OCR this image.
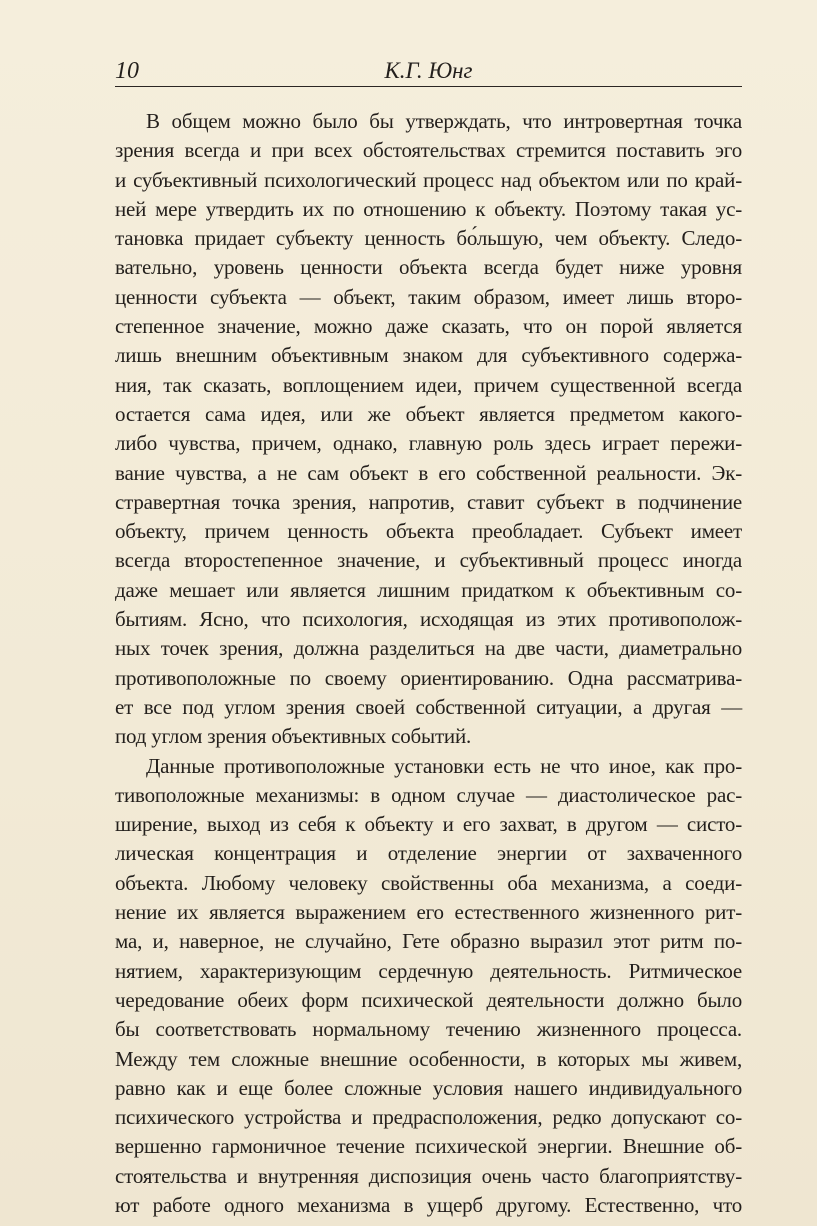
10	К.Г. Юнг
В общем можно было бы утверждать, что интровертная точка
зрения всегда и при всех обстоятельствах стремится поставить эго
и субъективный психологический процесс над объектом или по край-
ней мере утвердить их по отношению к объекту. Поэтому такая ус-
тановка придает субъекту ценность бо́льшую, чем объекту. Следо-
вательно, уровень ценности объекта всегда будет ниже уровня
ценности субъекта — объект, таким образом, имеет лишь второ-
степенное значение, можно даже сказать, что он порой является
лишь внешним объективным знаком для субъективного содержа-
ния, так сказать, воплощением идеи, причем существенной всегда
остается сама идея, или же объект является предметом какого-
либо чувства, причем, однако, главную роль здесь играет пережи-
вание чувства, а не сам объект в его собственной реальности. Эк-
стравертная точка зрения, напротив, ставит субъект в подчинение
объекту, причем ценность объекта преобладает. Субъект имеет
всегда второстепенное значение, и субъективный процесс иногда
даже мешает или является лишним придатком к объективным со-
бытиям. Ясно, что психология, исходящая из этих противополож-
ных точек зрения, должна разделиться на две части, диаметрально
противоположные по своему ориентированию. Одна рассматрива-
ет все под углом зрения своей собственной ситуации, а другая —
под углом зрения объективных событий.
Данные противоположные установки есть не что иное, как про-
тивоположные механизмы: в одном случае — диастолическое рас-
ширение, выход из себя к объекту и его захват, в другом — систо-
лическая концентрация и отделение энергии от захваченного
объекта. Любому человеку свойственны оба механизма, а соеди-
нение их является выражением его естественного жизненного рит-
ма, и, наверное, не случайно, Гете образно выразил этот ритм по-
нятием, характеризующим сердечную деятельность. Ритмическое
чередование обеих форм психической деятельности должно было
бы соответствовать нормальному течению жизненного процесса.
Между тем сложные внешние особенности, в которых мы живем,
равно как и еще более сложные условия нашего индивидуального
психического устройства и предрасположения, редко допускают со-
вершенно гармоничное течение психической энергии. Внешние об-
стоятельства и внутренняя диспозиция очень часто благоприятству-
ют работе одного механизма в ущерб другому. Естественно, что
